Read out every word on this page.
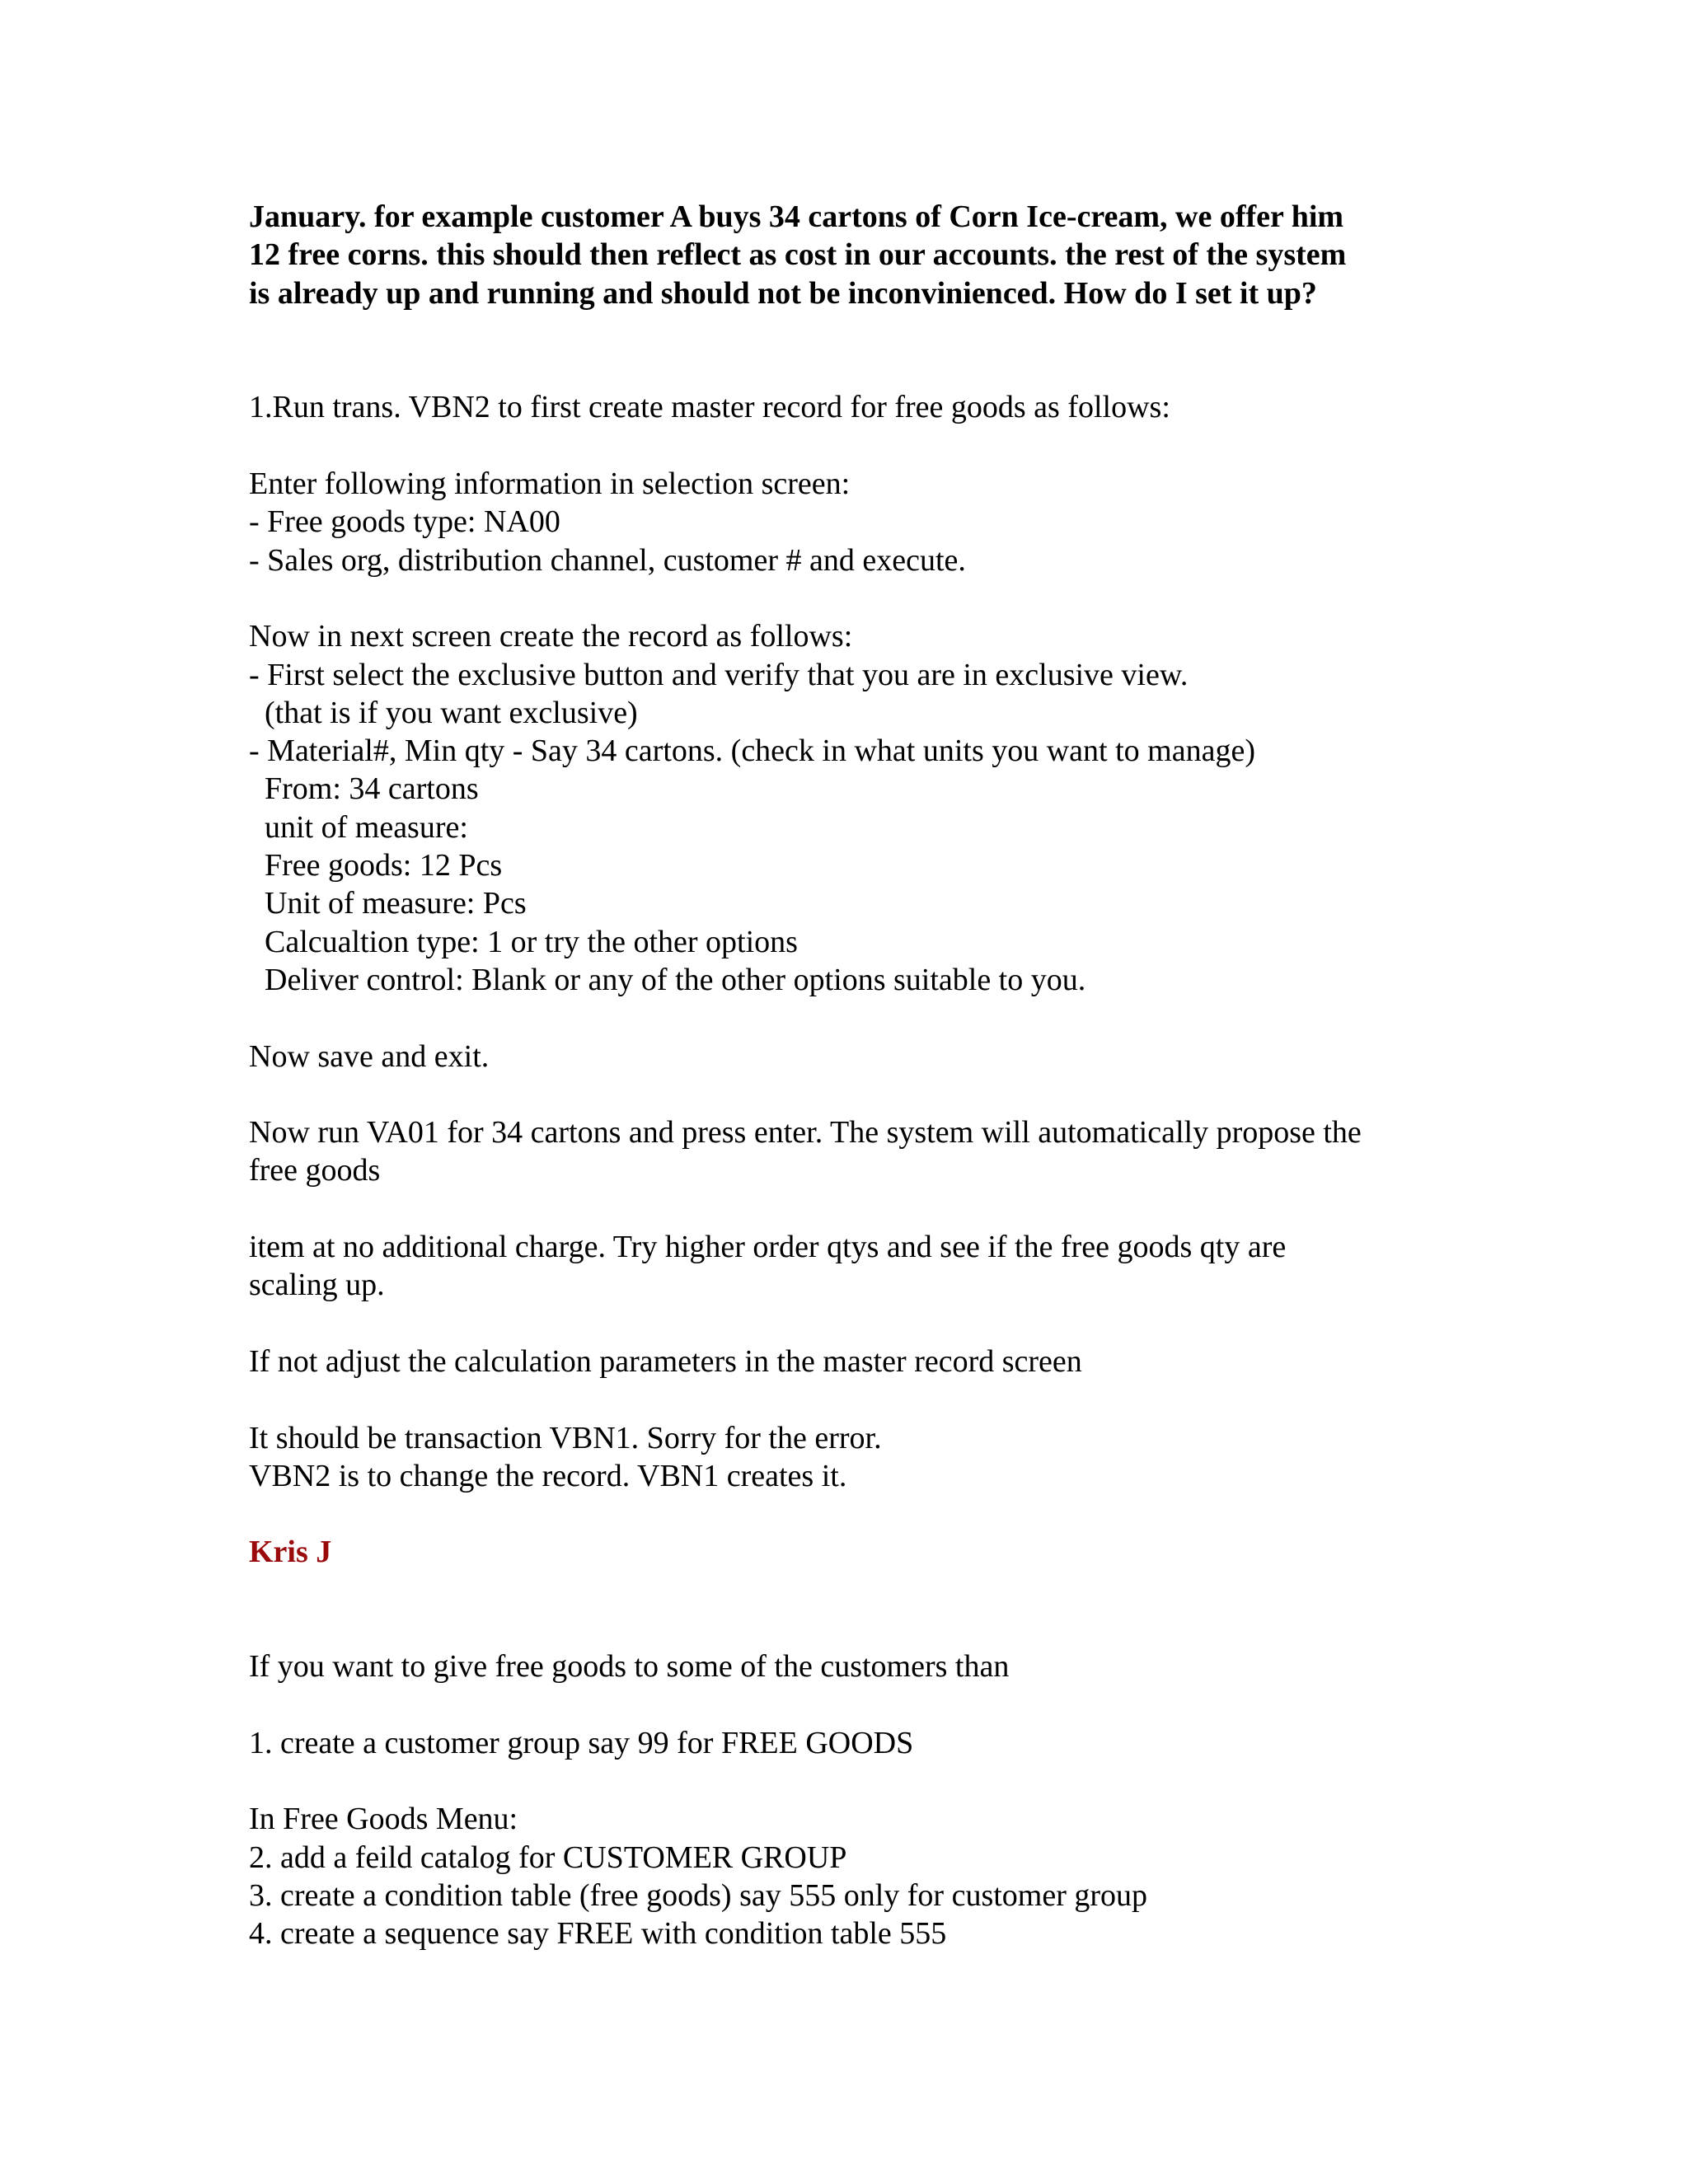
January. for example customer A buys 34 cartons of Corn Ice-cream, we offer him
12 free corns. this should then reflect as cost in our accounts. the rest of the system
is already up and running and should not be inconvinienced. How do I set it up?
1.Run trans. VBN2 to first create master record for free goods as follows:
Enter following information in selection screen:
- Free goods type: NA00
- Sales org, distribution channel, customer # and execute.
Now in next screen create the record as follows:
- First select the exclusive button and verify that you are in exclusive view.
(that is if you want exclusive)
- Material#, Min qty - Say 34 cartons. (check in what units you want to manage)
From: 34 cartons
unit of measure:
Free goods: 12 Pcs
Unit of measure: Pcs
Calcualtion type: 1 or try the other options
Deliver control: Blank or any of the other options suitable to you.
Now save and exit.
Now run VA01 for 34 cartons and press enter. The system will automatically propose the
free goods
item at no additional charge. Try higher order qtys and see if the free goods qty are
scaling up.
If not adjust the calculation parameters in the master record screen
It should be transaction VBN1. Sorry for the error.
VBN2 is to change the record. VBN1 creates it.
Kris J
If you want to give free goods to some of the customers than
1. create a customer group say 99 for FREE GOODS
In Free Goods Menu:
2. add a feild catalog for CUSTOMER GROUP
3. create a condition table (free goods) say 555 only for customer group
4. create a sequence say FREE with condition table 555
